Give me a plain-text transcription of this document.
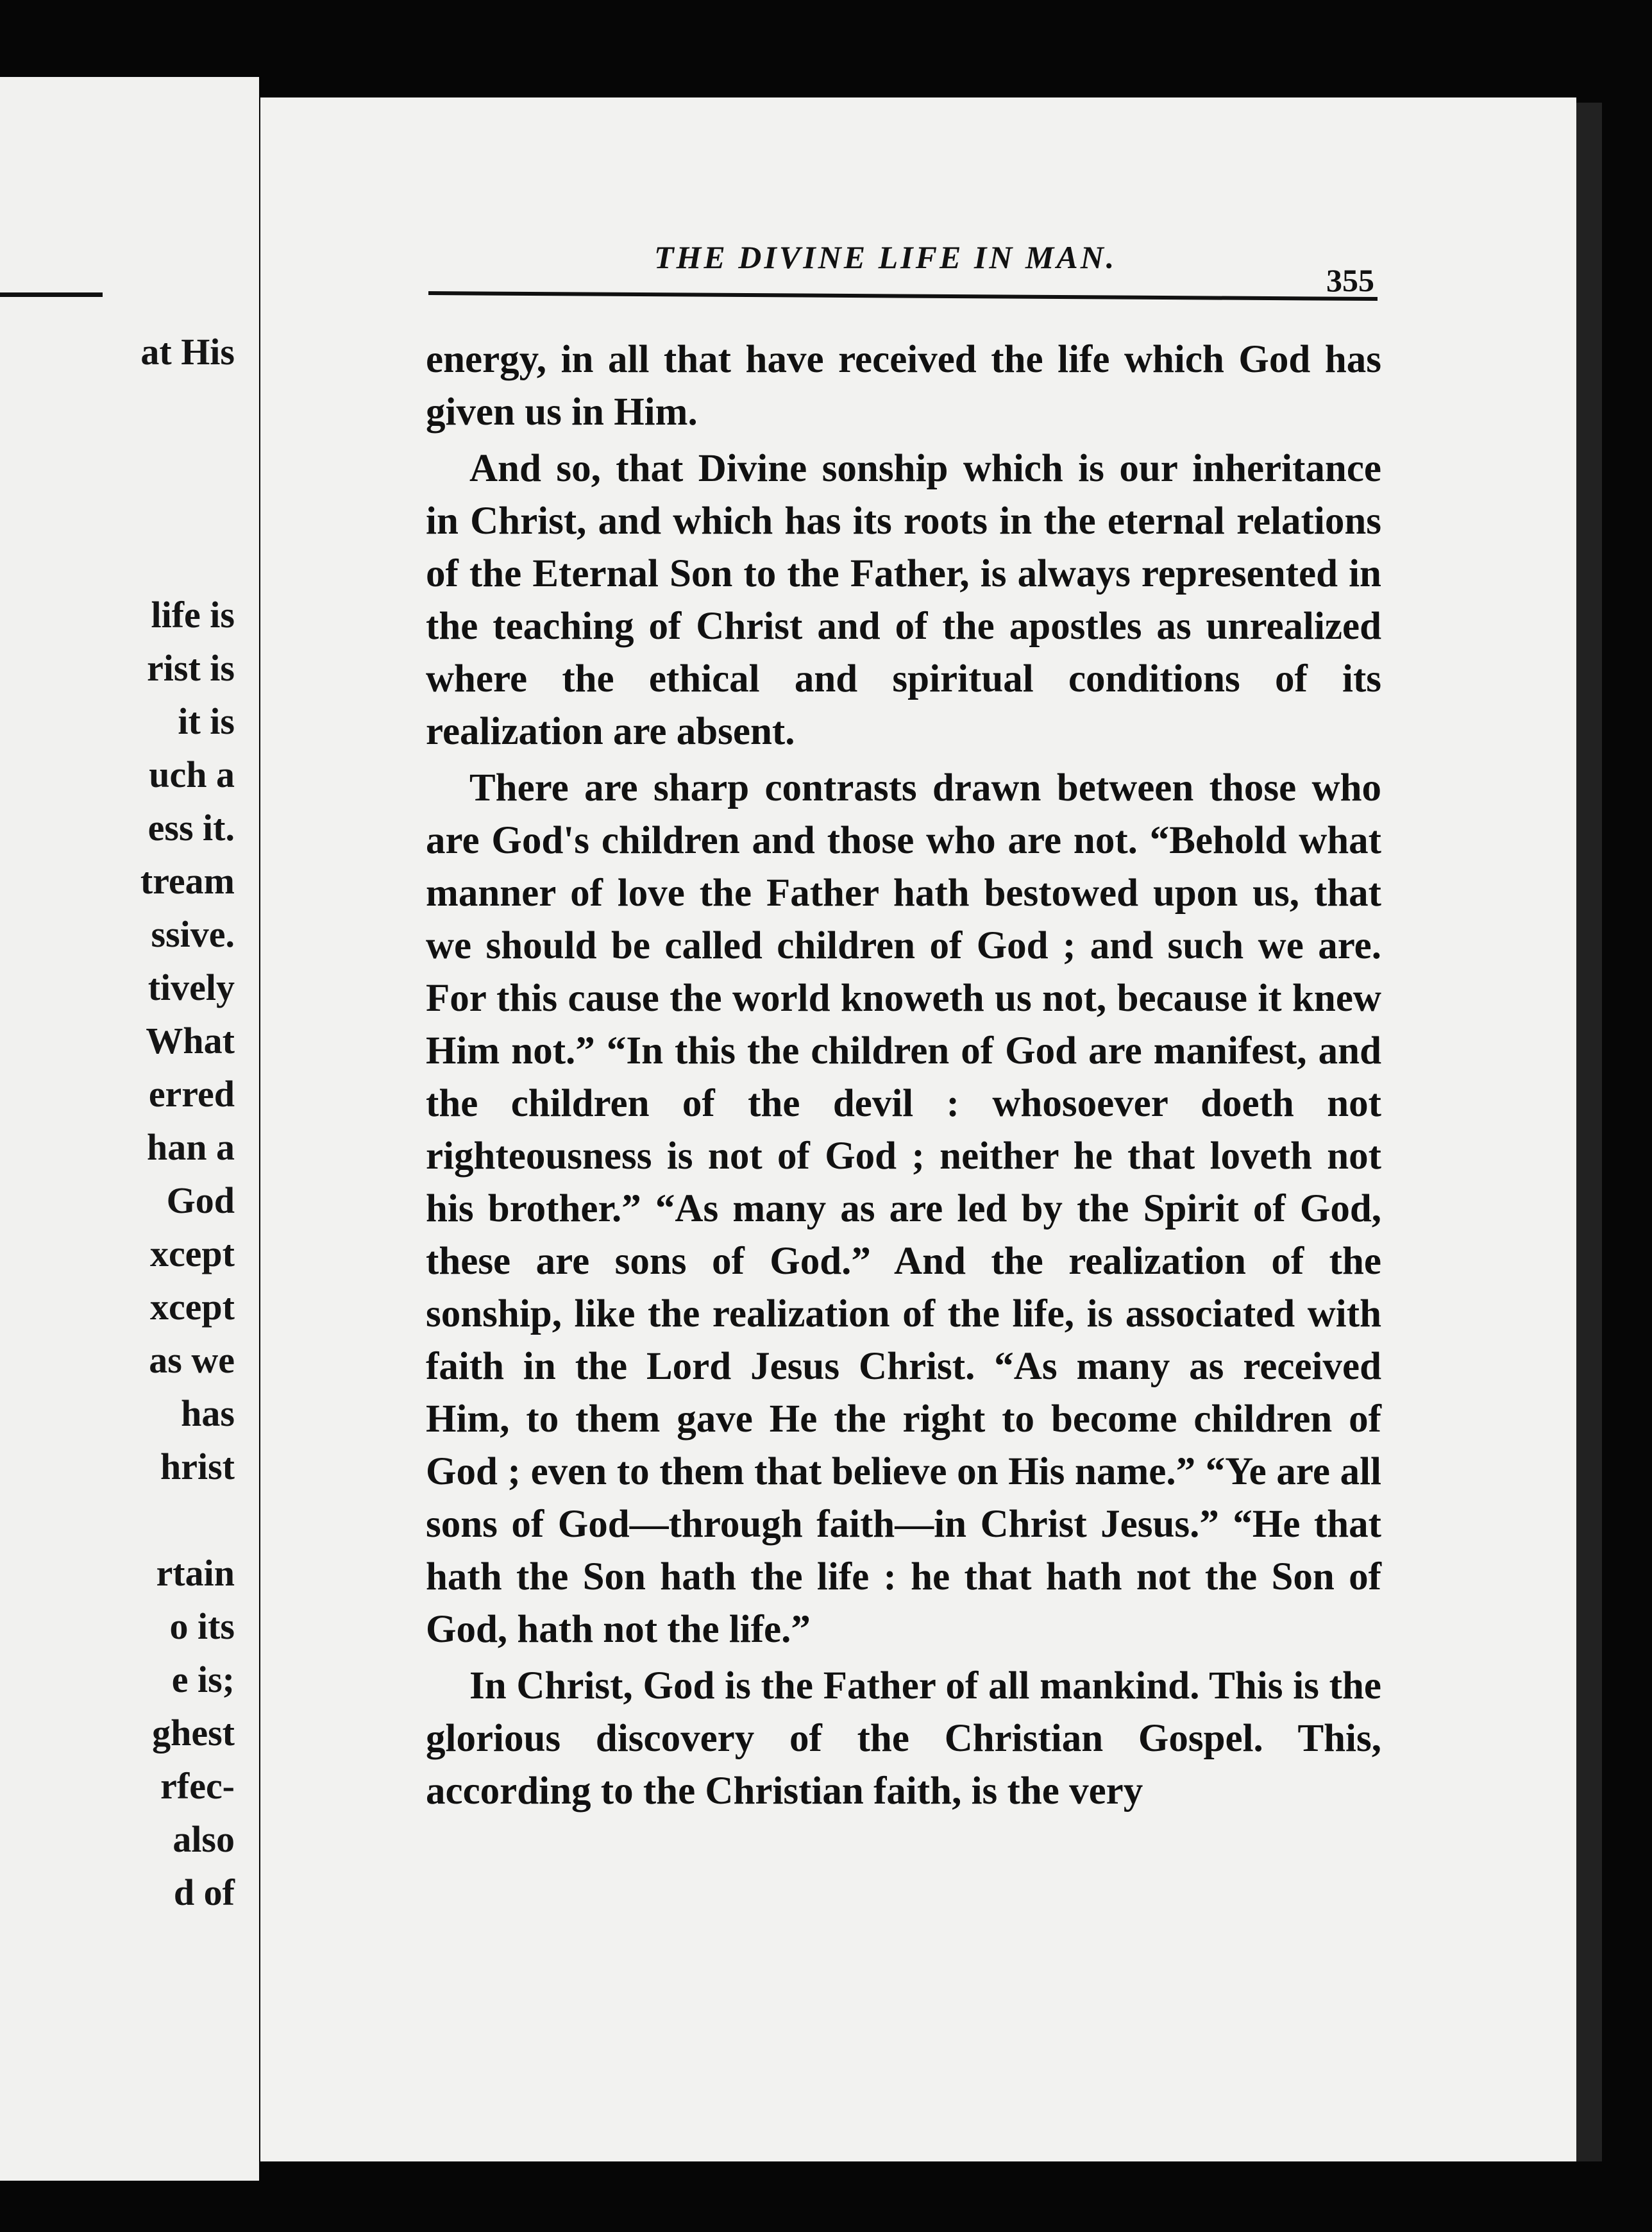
at His
life is
rist is
it is
uch a
ess it.
tream
ssive.
tively
What
erred
han a
God
xcept
xcept
as we
has
hrist
rtain
o its
e is;
ghest
rfec-
also
d of
THE DIVINE LIFE IN MAN.
355

energy, in all that have received the life which God has given us in Him.

And so, that Divine sonship which is our inheritance in Christ, and which has its roots in the eternal relations of the Eternal Son to the Father, is always represented in the teaching of Christ and of the apostles as unrealized where the ethical and spiritual conditions of its realization are absent.

There are sharp contrasts drawn between those who are God's children and those who are not. “Behold what manner of love the Father hath bestowed upon us, that we should be called children of God ; and such we are. For this cause the world knoweth us not, because it knew Him not.” “In this the children of God are manifest, and the children of the devil : whosoever doeth not righteousness is not of God ; neither he that loveth not his brother.” “As many as are led by the Spirit of God, these are sons of God.” And the realization of the sonship, like the realization of the life, is associated with faith in the Lord Jesus Christ. “As many as received Him, to them gave He the right to become children of God ; even to them that believe on His name.” “Ye are all sons of God—through faith—in Christ Jesus.” “He that hath the Son hath the life : he that hath not the Son of God, hath not the life.”

In Christ, God is the Father of all mankind. This is the glorious discovery of the Christian Gospel. This, according to the Christian faith, is the very
